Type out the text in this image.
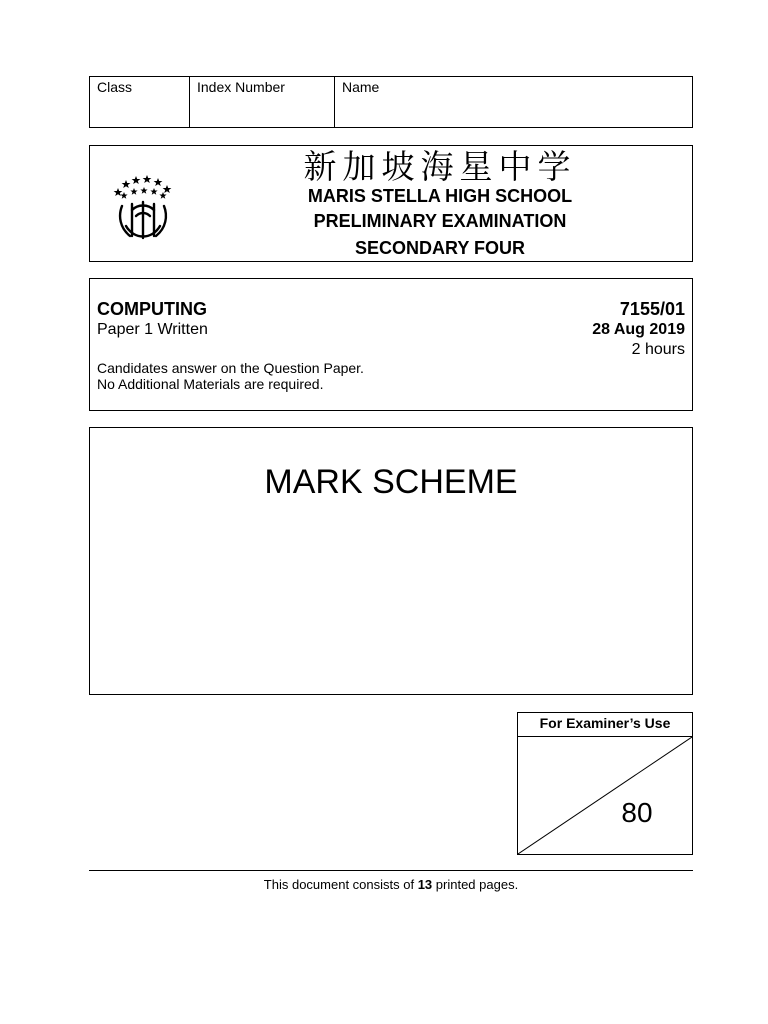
Class	Index Number	Name
新加坡海星中学
MARIS STELLA HIGH SCHOOL
PRELIMINARY EXAMINATION
SECONDARY FOUR
COMPUTING
Paper 1 Written
7155/01
28 Aug 2019
2 hours
Candidates answer on the Question Paper.
No Additional Materials are required.
MARK SCHEME
For Examiner’s Use
80
This document consists of 13 printed pages.
